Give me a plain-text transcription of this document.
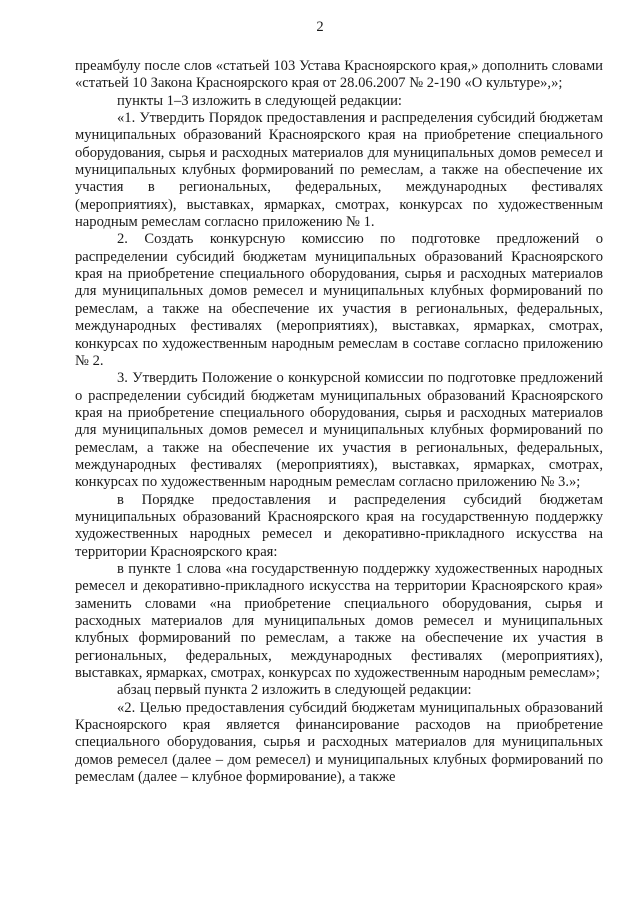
2

преамбулу после слов «статьей 103 Устава Красноярского края,» дополнить словами «статьей 10 Закона Красноярского края от 28.06.2007 № 2-190 «О культуре»,»;

пункты 1–3 изложить в следующей редакции:

«1. Утвердить Порядок предоставления и распределения субсидий бюджетам муниципальных образований Красноярского края на приобретение специального оборудования, сырья и расходных материалов для муниципальных домов ремесел и муниципальных клубных формирований по ремеслам, а также на обеспечение их участия в региональных, федеральных, международных фестивалях (мероприятиях), выставках, ярмарках, смотрах, конкурсах по художественным народным ремеслам согласно приложению № 1.

2. Создать конкурсную комиссию по подготовке предложений о распределении субсидий бюджетам муниципальных образований Красноярского края на приобретение специального оборудования, сырья и расходных материалов для муниципальных домов ремесел и муниципальных клубных формирований по ремеслам, а также на обеспечение их участия в региональных, федеральных, международных фестивалях (мероприятиях), выставках, ярмарках, смотрах, конкурсах по художественным народным ремеслам в составе согласно приложению № 2.

3. Утвердить Положение о конкурсной комиссии по подготовке предложений о распределении субсидий бюджетам муниципальных образований Красноярского края на приобретение специального оборудования, сырья и расходных материалов для муниципальных домов ремесел и муниципальных клубных формирований по ремеслам, а также на обеспечение их участия в региональных, федеральных, международных фестивалях (мероприятиях), выставках, ярмарках, смотрах, конкурсах по художественным народным ремеслам согласно приложению № 3.»;

в Порядке предоставления и распределения субсидий бюджетам муниципальных образований Красноярского края на государственную поддержку художественных народных ремесел и декоративно-прикладного искусства на территории Красноярского края:

в пункте 1 слова «на государственную поддержку художественных народных ремесел и декоративно-прикладного искусства на территории Красноярского края» заменить словами «на приобретение специального оборудования, сырья и расходных материалов для муниципальных домов ремесел и муниципальных клубных формирований по ремеслам, а также на обеспечение их участия в региональных, федеральных, международных фестивалях (мероприятиях), выставках, ярмарках, смотрах, конкурсах по художественным народным ремеслам»;

абзац первый пункта 2 изложить в следующей редакции:

«2. Целью предоставления субсидий бюджетам муниципальных образований Красноярского края является финансирование расходов на приобретение специального оборудования, сырья и расходных материалов для муниципальных домов ремесел (далее – дом ремесел) и муниципальных клубных формирований по ремеслам (далее – клубное формирование), а также
